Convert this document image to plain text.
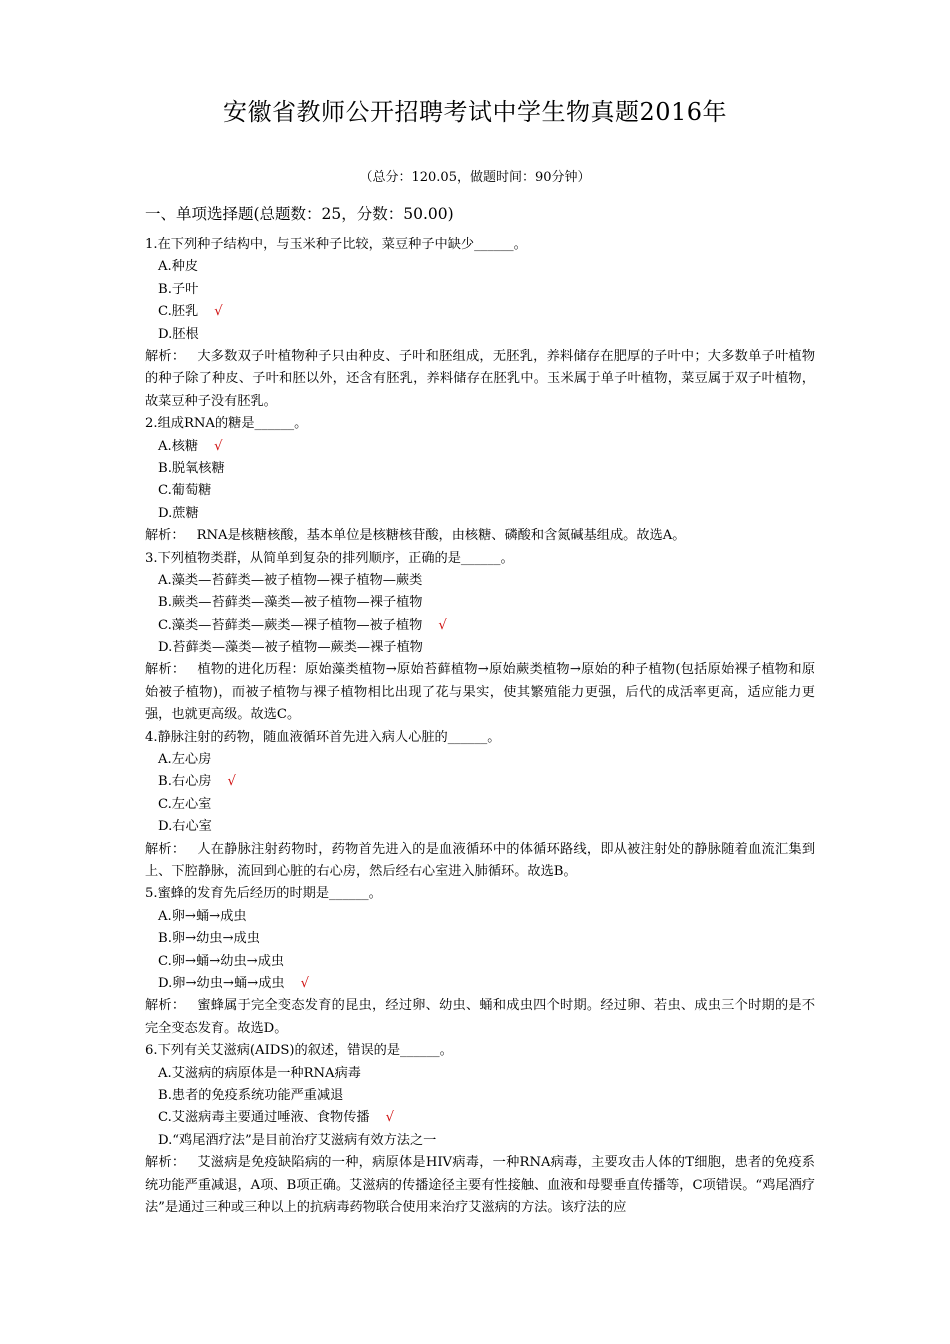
安徽省教师公开招聘考试中学生物真题2016年
（总分：120.05，做题时间：90分钟）
一、单项选择题(总题数：25，分数：50.00)
1.在下列种子结构中，与玉米种子比较，菜豆种子中缺少______。
A.种皮
B.子叶
C.胚乳 √
D.胚根
解析： 大多数双子叶植物种子只由种皮、子叶和胚组成，无胚乳，养料储存在肥厚的子叶中；大多数单子叶植物的种子除了种皮、子叶和胚以外，还含有胚乳，养料储存在胚乳中。玉米属于单子叶植物，菜豆属于双子叶植物，故菜豆种子没有胚乳。
2.组成RNA的糖是______。
A.核糖 √
B.脱氧核糖
C.葡萄糖
D.蔗糖
解析： RNA是核糖核酸，基本单位是核糖核苷酸，由核糖、磷酸和含氮碱基组成。故选A。
3.下列植物类群，从简单到复杂的排列顺序，正确的是______。
A.藻类—苔藓类—被子植物—裸子植物—蕨类
B.蕨类—苔藓类—藻类—被子植物—裸子植物
C.藻类—苔藓类—蕨类—裸子植物—被子植物 √
D.苔藓类—藻类—被子植物—蕨类—裸子植物
解析： 植物的进化历程：原始藻类植物→原始苔藓植物→原始蕨类植物→原始的种子植物(包括原始裸子植物和原始被子植物)，而被子植物与裸子植物相比出现了花与果实，使其繁殖能力更强，后代的成活率更高，适应能力更强，也就更高级。故选C。
4.静脉注射的药物，随血液循环首先进入病人心脏的______。
A.左心房
B.右心房 √
C.左心室
D.右心室
解析： 人在静脉注射药物时，药物首先进入的是血液循环中的体循环路线，即从被注射处的静脉随着血流汇集到上、下腔静脉，流回到心脏的右心房，然后经右心室进入肺循环。故选B。
5.蜜蜂的发育先后经历的时期是______。
A.卵→蛹→成虫
B.卵→幼虫→成虫
C.卵→蛹→幼虫→成虫
D.卵→幼虫→蛹→成虫 √
解析： 蜜蜂属于完全变态发育的昆虫，经过卵、幼虫、蛹和成虫四个时期。经过卵、若虫、成虫三个时期的是不完全变态发育。故选D。
6.下列有关艾滋病(AIDS)的叙述，错误的是______。
A.艾滋病的病原体是一种RNA病毒
B.患者的免疫系统功能严重减退
C.艾滋病毒主要通过唾液、食物传播 √
D.“鸡尾酒疗法”是目前治疗艾滋病有效方法之一
解析： 艾滋病是免疫缺陷病的一种，病原体是HIV病毒，一种RNA病毒，主要攻击人体的T细胞，患者的免疫系统功能严重减退，A项、B项正确。艾滋病的传播途径主要有性接触、血液和母婴垂直传播等，C项错误。“鸡尾酒疗法”是通过三种或三种以上的抗病毒药物联合使用来治疗艾滋病的方法。该疗法的应
